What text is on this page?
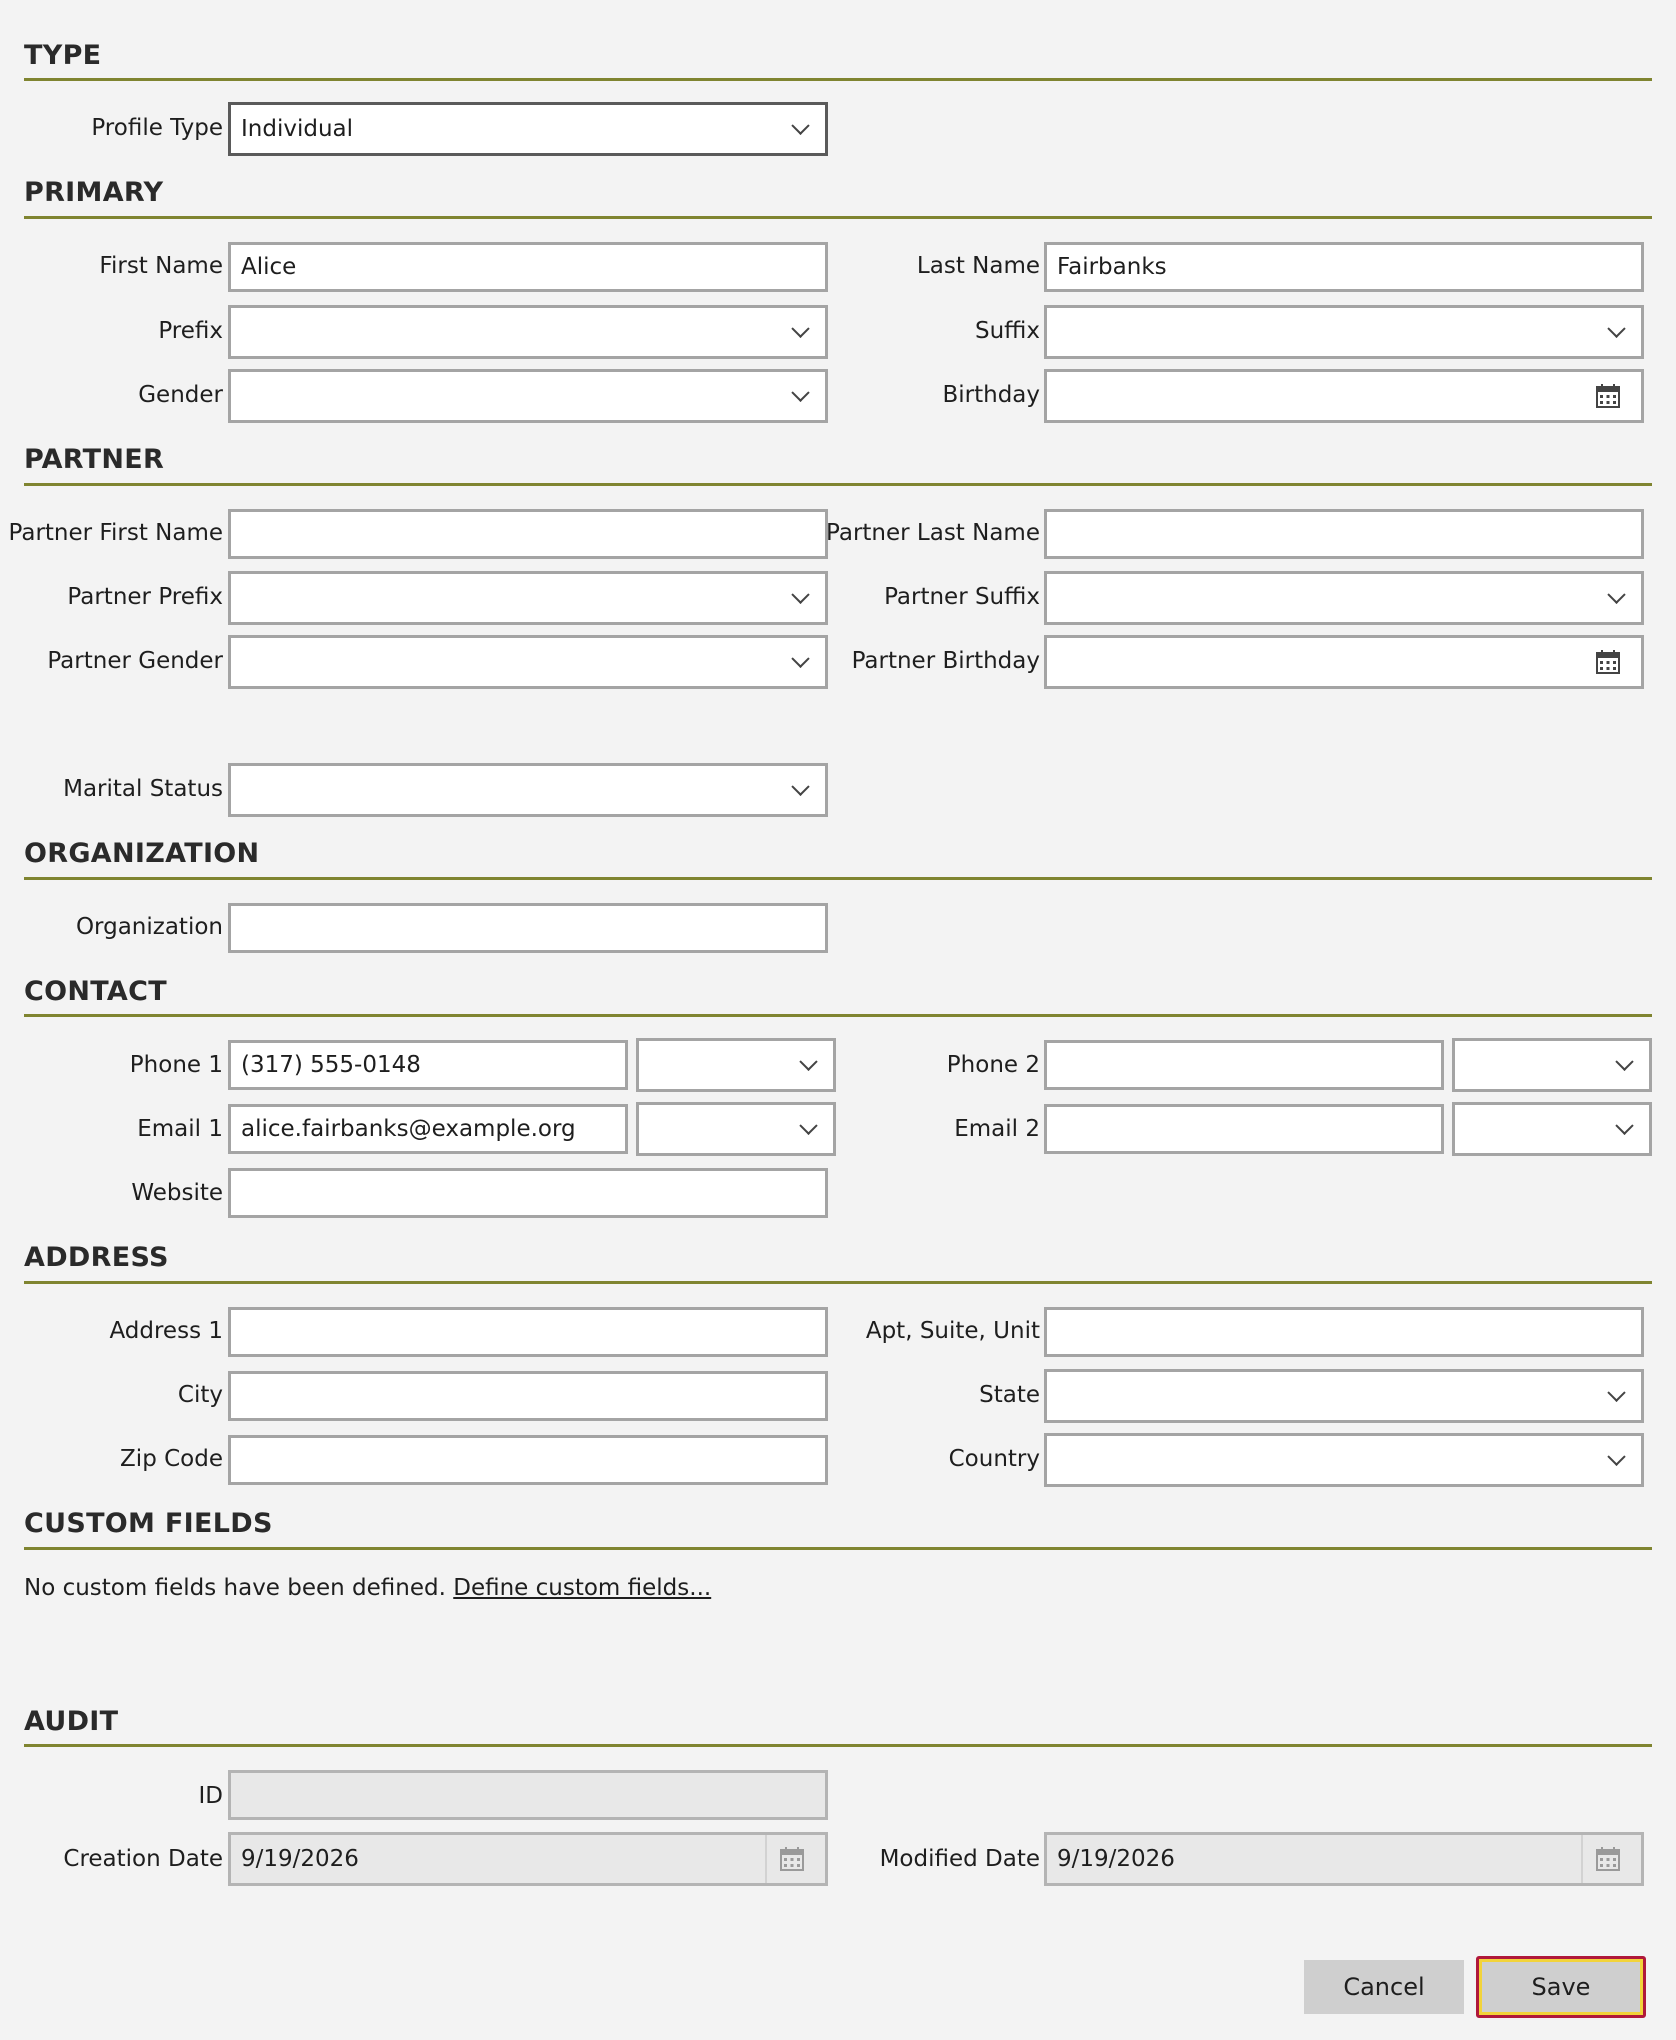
TYPE
Profile Type Individual
PRIMARY
First Name Alice	Last Name Fairbanks
Prefix	Suffix
Gender	Birthday
PARTNER
Partner First Name	Partner Last Name
Partner Prefix	Partner Suffix
Partner Gender	Partner Birthday
Marital Status
ORGANIZATION
Organization
CONTACT
Phone 1 (317) 555-0148	Phone 2
Email 1 alice.fairbanks@example.org	Email 2
Website
ADDRESS
Address 1	Apt, Suite, Unit
City	State
Zip Code	Country
CUSTOM FIELDS
No custom fields have been defined. Define custom fields...
AUDIT
ID
Creation Date 9/19/2026	Modified Date 9/19/2026
Cancel	Save
